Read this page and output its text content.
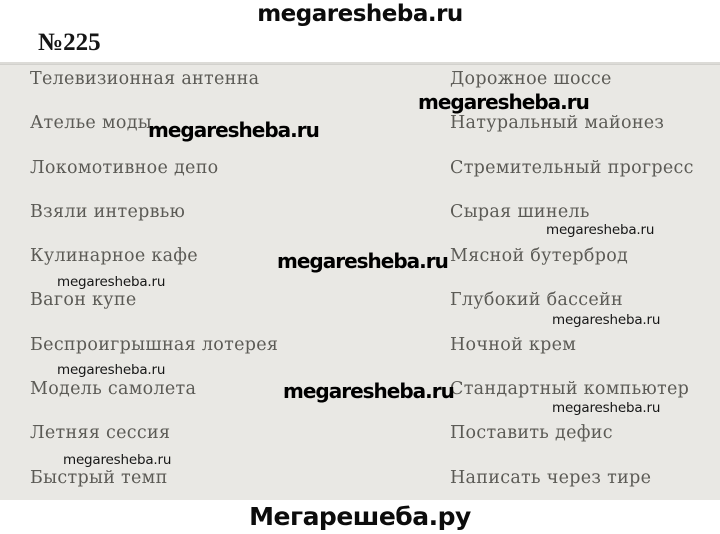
megaresheba.ru
№225
Телевизионная антенна	Дорожное шоссе
Ателье моды	Натуральный майонез
Локомотивное депо	Стремительный прогресс
Взяли интервью	Сырая шинель
Кулинарное кафе	Мясной бутерброд
Вагон купе	Глубокий бассейн
Беспроигрышная лотерея	Ночной крем
Модель самолета	Стандартный компьютер
Летняя сессия	Поставить дефис
Быстрый темп	Написать через тире
megaresheba.ru
megaresheba.ru
megaresheba.ru
megaresheba.ru
megaresheba.ru
megaresheba.ru
megaresheba.ru
megaresheba.ru
megaresheba.ru
megaresheba.ru
Мегарешеба.ру
